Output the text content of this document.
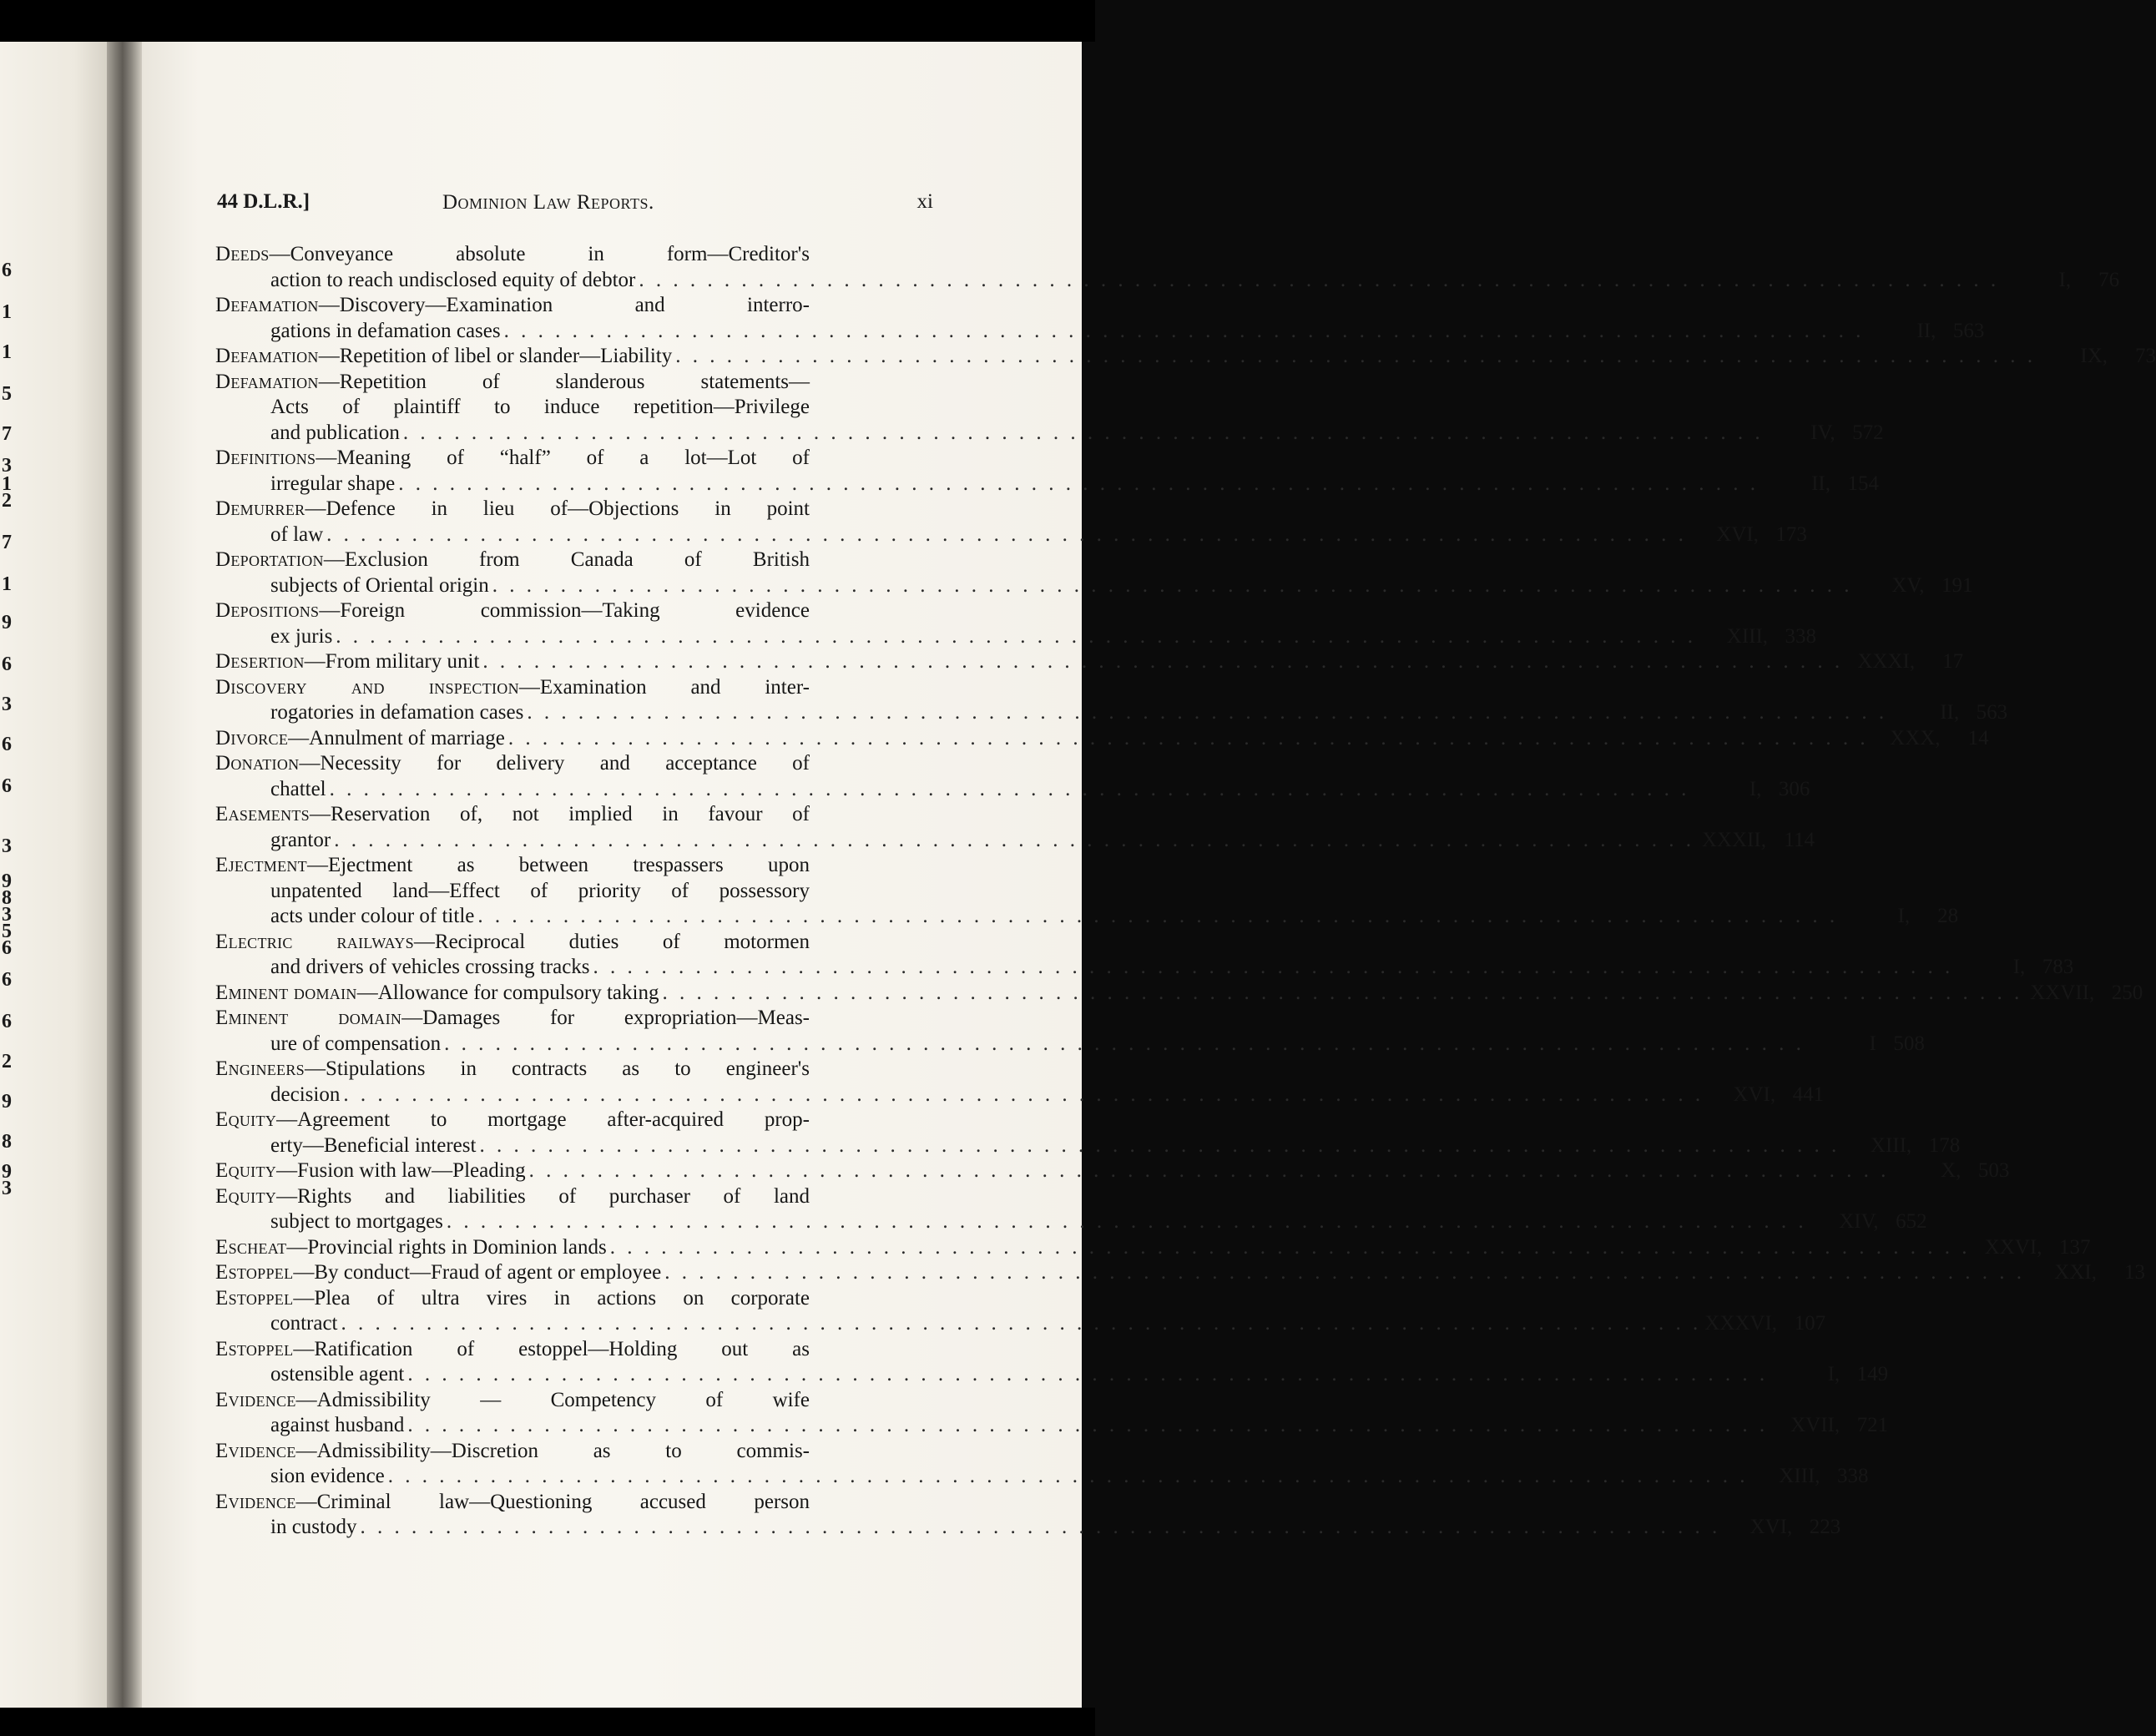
6
1
1
5
7
3
1
2
7
1
9
6
3
6
6
3
9
8
3
5
6
6
6
2
9
8
9
3
44 D.L.R.]	Dominion Law Reports.	xi
Deeds—Conveyance absolute in form—Creditor's
action to reach undisclosed equity of debtor . . . . . . . . . . . . . . . . . . . . . . . . . . . . . . . . . . . . . . . . . . . . . . . . . . . . . . . . . . . . . . . . . . . . . . . . . . . . . . . .	I, 76
Defamation—Discovery—Examination and interro-
gations in defamation cases . . . . . . . . . . . . . . . . . . . . . . . . . . . . . . . . . . . . . . . . . . . . . . . . . . . . . . . . . . . . . . . . . . . . . . . . . . . . . . . .	II, 563
Defamation—Repetition of libel or slander—Liability . . . . . . . . . . . . . . . . . . . . . . . . . . . . . . . . . . . . . . . . . . . . . . . . . . . . . . . . . . . . . . . . . . . . . . . . . . . . . . . .	IX, 73
Defamation—Repetition of slanderous statements—
Acts of plaintiff to induce repetition—Privilege
and publication . . . . . . . . . . . . . . . . . . . . . . . . . . . . . . . . . . . . . . . . . . . . . . . . . . . . . . . . . . . . . . . . . . . . . . . . . . . . . . . .	IV, 572
Definitions—Meaning of “half” of a lot—Lot of
irregular shape . . . . . . . . . . . . . . . . . . . . . . . . . . . . . . . . . . . . . . . . . . . . . . . . . . . . . . . . . . . . . . . . . . . . . . . . . . . . . . . .	II, 154
Demurrer—Defence in lieu of—Objections in point
of law . . . . . . . . . . . . . . . . . . . . . . . . . . . . . . . . . . . . . . . . . . . . . . . . . . . . . . . . . . . . . . . . . . . . . . . . . . . . . . . .	XVI, 173
Deportation—Exclusion from Canada of British
subjects of Oriental origin . . . . . . . . . . . . . . . . . . . . . . . . . . . . . . . . . . . . . . . . . . . . . . . . . . . . . . . . . . . . . . . . . . . . . . . . . . . . . . . .	XV, 191
Depositions—Foreign commission—Taking evidence
ex juris . . . . . . . . . . . . . . . . . . . . . . . . . . . . . . . . . . . . . . . . . . . . . . . . . . . . . . . . . . . . . . . . . . . . . . . . . . . . . . . .	XIII, 338
Desertion—From military unit . . . . . . . . . . . . . . . . . . . . . . . . . . . . . . . . . . . . . . . . . . . . . . . . . . . . . . . . . . . . . . . . . . . . . . . . . . . . . . . . XXXI, 17
Discovery and inspection—Examination and inter-
rogatories in defamation cases . . . . . . . . . . . . . . . . . . . . . . . . . . . . . . . . . . . . . . . . . . . . . . . . . . . . . . . . . . . . . . . . . . . . . . . . . . . . . . . .	II, 563
Divorce—Annulment of marriage . . . . . . . . . . . . . . . . . . . . . . . . . . . . . . . . . . . . . . . . . . . . . . . . . . . . . . . . . . . . . . . . . . . . . . . . . . . . . . . .	XXX, 14
Donation—Necessity for delivery and acceptance of
chattel . . . . . . . . . . . . . . . . . . . . . . . . . . . . . . . . . . . . . . . . . . . . . . . . . . . . . . . . . . . . . . . . . . . . . . . . . . . . . . . .	I, 306
Easements—Reservation of, not implied in favour of
grantor . . . . . . . . . . . . . . . . . . . . . . . . . . . . . . . . . . . . . . . . . . . . . . . . . . . . . . . . . . . . . . . . . . . . . . . . . . . . . . . . XXXII, 114
Ejectment—Ejectment as between trespassers upon
unpatented land—Effect of priority of possessory
acts under colour of title . . . . . . . . . . . . . . . . . . . . . . . . . . . . . . . . . . . . . . . . . . . . . . . . . . . . . . . . . . . . . . . . . . . . . . . . . . . . . . . .	I, 28
Electric railways—Reciprocal duties of motormen
and drivers of vehicles crossing tracks . . . . . . . . . . . . . . . . . . . . . . . . . . . . . . . . . . . . . . . . . . . . . . . . . . . . . . . . . . . . . . . . . . . . . . . . . . . . . . . .	I, 783
Eminent domain—Allowance for compulsory taking . . . . . . . . . . . . . . . . . . . . . . . . . . . . . . . . . . . . . . . . . . . . . . . . . . . . . . . . . . . . . . . . . . . . . . . . . . . . . . . . XXVII, 250
Eminent domain—Damages for expropriation—Meas-
ure of compensation . . . . . . . . . . . . . . . . . . . . . . . . . . . . . . . . . . . . . . . . . . . . . . . . . . . . . . . . . . . . . . . . . . . . . . . . . . . . . . . .	I 508
Engineers—Stipulations in contracts as to engineer's
decision . . . . . . . . . . . . . . . . . . . . . . . . . . . . . . . . . . . . . . . . . . . . . . . . . . . . . . . . . . . . . . . . . . . . . . . . . . . . . . . .	XVI, 441
Equity—Agreement to mortgage after-acquired prop-
erty—Beneficial interest . . . . . . . . . . . . . . . . . . . . . . . . . . . . . . . . . . . . . . . . . . . . . . . . . . . . . . . . . . . . . . . . . . . . . . . . . . . . . . . .	XIII, 178
Equity—Fusion with law—Pleading . . . . . . . . . . . . . . . . . . . . . . . . . . . . . . . . . . . . . . . . . . . . . . . . . . . . . . . . . . . . . . . . . . . . . . . . . . . . . . . .	X, 503
Equity—Rights and liabilities of purchaser of land
subject to mortgages . . . . . . . . . . . . . . . . . . . . . . . . . . . . . . . . . . . . . . . . . . . . . . . . . . . . . . . . . . . . . . . . . . . . . . . . . . . . . . . .	XIV, 652
Escheat—Provincial rights in Dominion lands . . . . . . . . . . . . . . . . . . . . . . . . . . . . . . . . . . . . . . . . . . . . . . . . . . . . . . . . . . . . . . . . . . . . . . . . . . . . . . . . XXVI, 137
Estoppel—By conduct—Fraud of agent or employee . . . . . . . . . . . . . . . . . . . . . . . . . . . . . . . . . . . . . . . . . . . . . . . . . . . . . . . . . . . . . . . . . . . . . . . . . . . . . . . .	XXI, 13
Estoppel—Plea of ultra vires in actions on corporate
contract . . . . . . . . . . . . . . . . . . . . . . . . . . . . . . . . . . . . . . . . . . . . . . . . . . . . . . . . . . . . . . . . . . . . . . . . . . . . . . . . XXXVI, 107
Estoppel—Ratification of estoppel—Holding out as
ostensible agent . . . . . . . . . . . . . . . . . . . . . . . . . . . . . . . . . . . . . . . . . . . . . . . . . . . . . . . . . . . . . . . . . . . . . . . . . . . . . . . .	I, 149
Evidence—Admissibility — Competency of wife
against husband . . . . . . . . . . . . . . . . . . . . . . . . . . . . . . . . . . . . . . . . . . . . . . . . . . . . . . . . . . . . . . . . . . . . . . . . . . . . . . . .	XVII, 721
Evidence—Admissibility—Discretion as to commis-
sion evidence . . . . . . . . . . . . . . . . . . . . . . . . . . . . . . . . . . . . . . . . . . . . . . . . . . . . . . . . . . . . . . . . . . . . . . . . . . . . . . . .	XIII, 338
Evidence—Criminal law—Questioning accused person
in custody . . . . . . . . . . . . . . . . . . . . . . . . . . . . . . . . . . . . . . . . . . . . . . . . . . . . . . . . . . . . . . . . . . . . . . . . . . . . . . . .	XVI, 223
